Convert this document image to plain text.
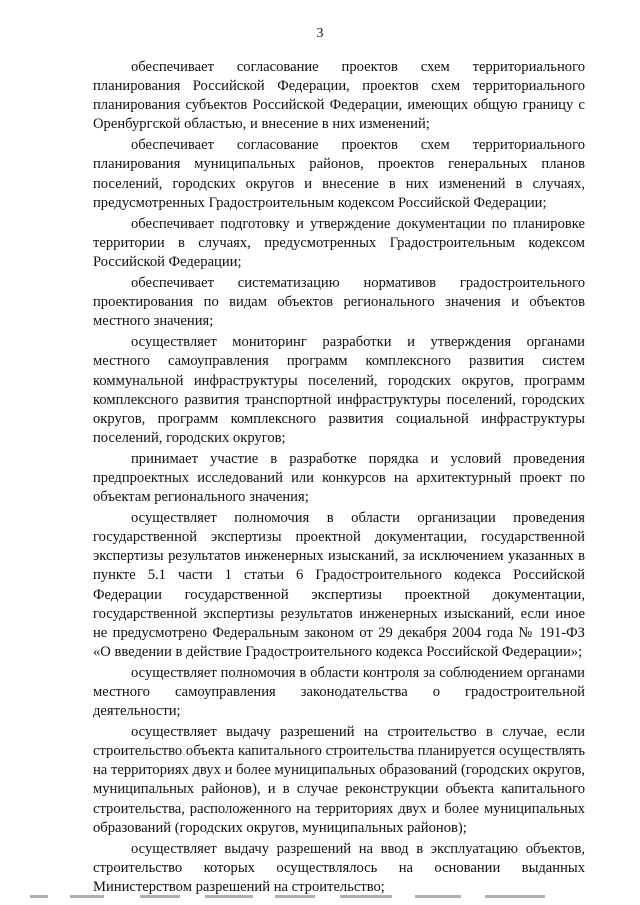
3

обеспечивает согласование проектов схем территориального планирования Российской Федерации, проектов схем территориального планирования субъектов Российской Федерации, имеющих общую границу с Оренбургской областью, и внесение в них изменений;

обеспечивает согласование проектов схем территориального планирования муниципальных районов, проектов генеральных планов поселений, городских округов и внесение в них изменений в случаях, предусмотренных Градостроительным кодексом Российской Федерации;

обеспечивает подготовку и утверждение документации по планировке территории в случаях, предусмотренных Градостроительным кодексом Российской Федерации;

обеспечивает систематизацию нормативов градостроительного проектирования по видам объектов регионального значения и объектов местного значения;

осуществляет мониторинг разработки и утверждения органами местного самоуправления программ комплексного развития систем коммунальной инфраструктуры поселений, городских округов, программ комплексного развития транспортной инфраструктуры поселений, городских округов, программ комплексного развития социальной инфраструктуры поселений, городских округов;

принимает участие в разработке порядка и условий проведения предпроектных исследований или конкурсов на архитектурный проект по объектам регионального значения;

осуществляет полномочия в области организации проведения государственной экспертизы проектной документации, государственной экспертизы результатов инженерных изысканий, за исключением указанных в пункте 5.1 части 1 статьи 6 Градостроительного кодекса Российской Федерации государственной экспертизы проектной документации, государственной экспертизы результатов инженерных изысканий, если иное не предусмотрено Федеральным законом от 29 декабря 2004 года № 191-ФЗ «О введении в действие Градостроительного кодекса Российской Федерации»;

осуществляет полномочия в области контроля за соблюдением органами местного самоуправления законодательства о градостроительной деятельности;

осуществляет выдачу разрешений на строительство в случае, если строительство объекта капитального строительства планируется осуществлять на территориях двух и более муниципальных образований (городских округов, муниципальных районов), и в случае реконструкции объекта капитального строительства, расположенного на территориях двух и более муниципальных образований (городских округов, муниципальных районов);

осуществляет выдачу разрешений на ввод в эксплуатацию объектов, строительство которых осуществлялось на основании выданных Министерством разрешений на строительство;
